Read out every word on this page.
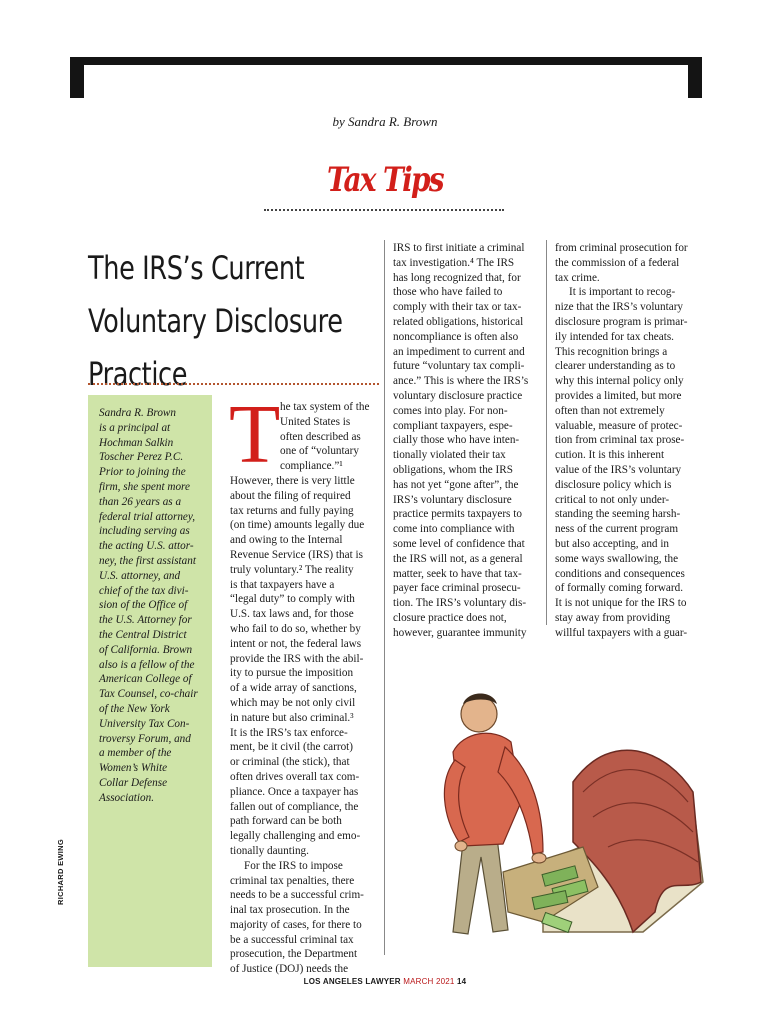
by Sandra R. Brown
Tax Tips
The IRS’s Current
Voluntary Disclosure
Practice
Sandra R. Brown
is a principal at
Hochman Salkin
Toscher Perez P.C.
Prior to joining the
firm, she spent more
than 26 years as a
federal trial attorney,
including serving as
the acting U.S. attor-
ney, the first assistant
U.S. attorney, and
chief of the tax divi-
sion of the Office of
the U.S. Attorney for
the Central District
of California. Brown
also is a fellow of the
American College of
Tax Counsel, co-chair
of the New York
University Tax Con-
troversy Forum, and
a member of the
Women’s White
Collar Defense
Association.
RICHARD EWING
T he tax system of the
United States is
often described as
one of “voluntary
compliance.”¹
However, there is very little
about the filing of required
tax returns and fully paying
(on time) amounts legally due
and owing to the Internal
Revenue Service (IRS) that is
truly voluntary.² The reality
is that taxpayers have a
“legal duty” to comply with
U.S. tax laws and, for those
who fail to do so, whether by
intent or not, the federal laws
provide the IRS with the abil-
ity to pursue the imposition
of a wide array of sanctions,
which may be not only civil
in nature but also criminal.³
It is the IRS’s tax enforce-
ment, be it civil (the carrot)
or criminal (the stick), that
often drives overall tax com-
pliance. Once a taxpayer has
fallen out of compliance, the
path forward can be both
legally challenging and emo-
tionally daunting.
For the IRS to impose
criminal tax penalties, there
needs to be a successful crim-
inal tax prosecution. In the
majority of cases, for there to
be a successful criminal tax
prosecution, the Department
of Justice (DOJ) needs the
IRS to first initiate a criminal
tax investigation.⁴ The IRS
has long recognized that, for
those who have failed to
comply with their tax or tax-
related obligations, historical
noncompliance is often also
an impediment to current and
future “voluntary tax compli-
ance.” This is where the IRS’s
voluntary disclosure practice
comes into play. For non-
compliant taxpayers, espe-
cially those who have inten-
tionally violated their tax
obligations, whom the IRS
has not yet “gone after”, the
IRS’s voluntary disclosure
practice permits taxpayers to
come into compliance with
some level of confidence that
the IRS will not, as a general
matter, seek to have that tax-
payer face criminal prosecu-
tion. The IRS’s voluntary dis-
closure practice does not,
however, guarantee immunity
from criminal prosecution for
the commission of a federal
tax crime.
It is important to recog-
nize that the IRS’s voluntary
disclosure program is primar-
ily intended for tax cheats.
This recognition brings a
clearer understanding as to
why this internal policy only
provides a limited, but more
often than not extremely
valuable, measure of protec-
tion from criminal tax prose-
cution. It is this inherent
value of the IRS’s voluntary
disclosure policy which is
critical to not only under-
standing the seeming harsh-
ness of the current program
but also accepting, and in
some ways swallowing, the
conditions and consequences
of formally coming forward.
It is not unique for the IRS to
stay away from providing
willful taxpayers with a guar-
LOS ANGELES LAWYER MARCH 2021 14
